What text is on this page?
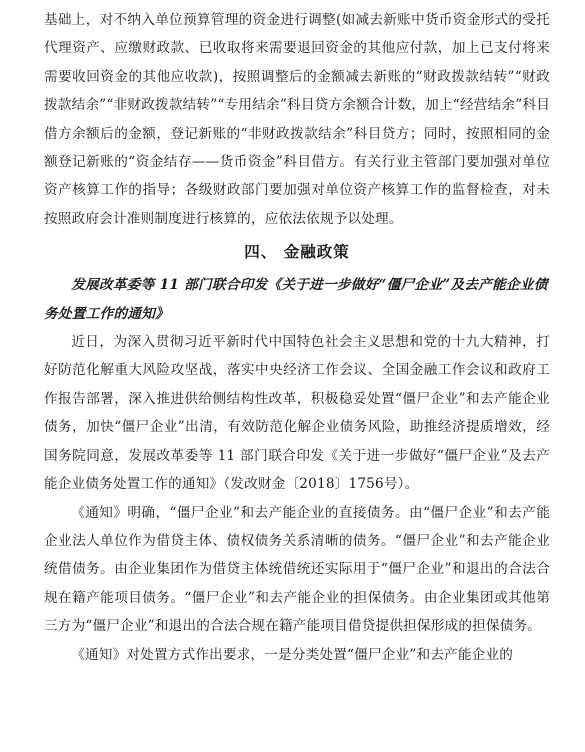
基础上，对不纳入单位预算管理的资金进行调整(如减去新账中货币资金形式的受托代理资产、应缴财政款、已收取将来需要退回资金的其他应付款，加上已支付将来需要收回资金的其他应收款)，按照调整后的金额减去新账的“财政拨款结转”“财政拨款结余”“非财政拨款结转”“专用结余”科目贷方余额合计数，加上“经营结余”科目借方余额后的金额，登记新账的“非财政拨款结余”科目贷方；同时，按照相同的金额登记新账的“资金结存——货币资金”科目借方。有关行业主管部门要加强对单位资产核算工作的指导；各级财政部门要加强对单位资产核算工作的监督检查，对未按照政府会计准则制度进行核算的，应依法依规予以处理。

四、 金融政策

发展改革委等 11 部门联合印发《关于进一步做好“僵尸企业”及去产能企业债务处置工作的通知》

近日，为深入贯彻习近平新时代中国特色社会主义思想和党的十九大精神，打好防范化解重大风险攻坚战，落实中央经济工作会议、全国金融工作会议和政府工作报告部署，深入推进供给侧结构性改革，积极稳妥处置“僵尸企业”和去产能企业债务，加快“僵尸企业”出清，有效防范化解企业债务风险，助推经济提质增效，经国务院同意，发展改革委等 11 部门联合印发《关于进一步做好“僵尸企业”及去产能企业债务处置工作的通知》（发改财金〔2018〕1756号）。

《通知》明确，“僵尸企业”和去产能企业的直接债务。由“僵尸企业”和去产能企业法人单位作为借贷主体、债权债务关系清晰的债务。“僵尸企业”和去产能企业统借债务。由企业集团作为借贷主体统借统还实际用于“僵尸企业”和退出的合法合规在籍产能项目债务。“僵尸企业”和去产能企业的担保债务。由企业集团或其他第三方为“僵尸企业”和退出的合法合规在籍产能项目借贷提供担保形成的担保债务。

《通知》对处置方式作出要求，一是分类处置“僵尸企业”和去产能企业的
